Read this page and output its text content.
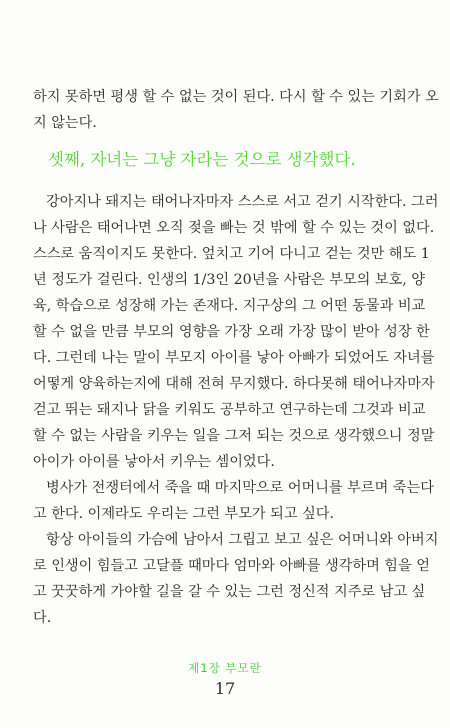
하지 못하면 평생 할 수 없는 것이 된다. 다시 할 수 있는 기회가 오
지 않는다.
셋째, 자녀는 그냥 자라는 것으로 생각했다.
강아지나 돼지는 태어나자마자 스스로 서고 걷기 시작한다. 그러
나 사람은 태어나면 오직 젖을 빠는 것 밖에 할 수 있는 것이 없다.
스스로 움직이지도 못한다. 엎치고 기어 다니고 걷는 것만 해도 1
년 정도가 걸린다. 인생의 1/3인 20년을 사람은 부모의 보호, 양
육, 학습으로 성장해 가는 존재다. 지구상의 그 어떤 동물과 비교
할 수 없을 만큼 부모의 영향을 가장 오래 가장 많이 받아 성장 한
다. 그런데 나는 말이 부모지 아이를 낳아 아빠가 되었어도 자녀를
어떻게 양육하는지에 대해 전혀 무지했다. 하다못해 태어나자마자
걷고 뛰는 돼지나 닭을 키워도 공부하고 연구하는데 그것과 비교
할 수 없는 사람을 키우는 일을 그저 되는 것으로 생각했으니 정말
아이가 아이를 낳아서 키우는 셈이었다.
병사가 전쟁터에서 죽을 때 마지막으로 어머니를 부르며 죽는다
고 한다. 이제라도 우리는 그런 부모가 되고 싶다.
항상 아이들의 가슴에 남아서 그립고 보고 싶은 어머니와 아버지
로 인생이 힘들고 고달플 때마다 엄마와 아빠를 생각하며 힘을 얻
고 꿋꿋하게 가야할 길을 갈 수 있는 그런 정신적 지주로 남고 싶
다.
제1장 부모란
17
